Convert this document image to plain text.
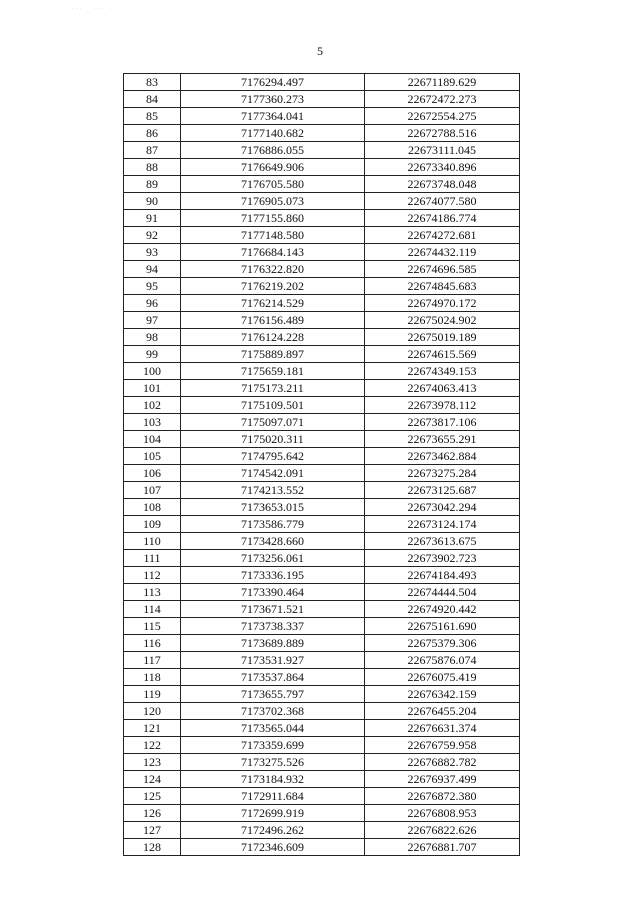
·     ···   ··· ··
5
83	7176294.497	22671189.629
84	7177360.273	22672472.273
85	7177364.041	22672554.275
86	7177140.682	22672788.516
87	7176886.055	22673111.045
88	7176649.906	22673340.896
89	7176705.580	22673748.048
90	7176905.073	22674077.580
91	7177155.860	22674186.774
92	7177148.580	22674272.681
93	7176684.143	22674432.119
94	7176322.820	22674696.585
95	7176219.202	22674845.683
96	7176214.529	22674970.172
97	7176156.489	22675024.902
98	7176124.228	22675019.189
99	7175889.897	22674615.569
100	7175659.181	22674349.153
101	7175173.211	22674063.413
102	7175109.501	22673978.112
103	7175097.071	22673817.106
104	7175020.311	22673655.291
105	7174795.642	22673462.884
106	7174542.091	22673275.284
107	7174213.552	22673125.687
108	7173653.015	22673042.294
109	7173586.779	22673124.174
110	7173428.660	22673613.675
111	7173256.061	22673902.723
112	7173336.195	22674184.493
113	7173390.464	22674444.504
114	7173671.521	22674920.442
115	7173738.337	22675161.690
116	7173689.889	22675379.306
117	7173531.927	22675876.074
118	7173537.864	22676075.419
119	7173655.797	22676342.159
120	7173702.368	22676455.204
121	7173565.044	22676631.374
122	7173359.699	22676759.958
123	7173275.526	22676882.782
124	7173184.932	22676937.499
125	7172911.684	22676872.380
126	7172699.919	22676808.953
127	7172496.262	22676822.626
128	7172346.609	22676881.707
